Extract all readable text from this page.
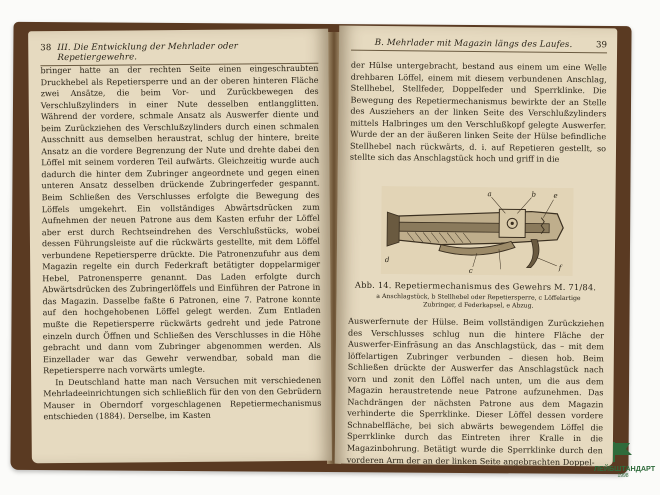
38 III. Die Entwicklung der Mehrlader oder Repetiergewehre.

bringer hatte an der rechten Seite einen eingeschraubten Druckhebel als Repetiersperre und an der oberen hinteren Fläche zwei Ansätze, die beim Vor- und Zurückbewegen des Verschlußzylinders in einer Nute desselben entlangglitten. Während der vordere, schmale Ansatz als Auswerfer diente und beim Zurückziehen des Verschlußzylinders durch einen schmalen Ausschnitt aus demselben heraustrat, schlug der hintere, breite Ansatz an die vordere Begrenzung der Nute und drehte dabei den Löffel mit seinem vorderen Teil aufwärts. Gleichzeitig wurde auch dadurch die hinter dem Zubringer angeordnete und gegen einen unteren Ansatz desselben drückende Zubringerfeder gespannt. Beim Schließen des Verschlusses erfolgte die Bewegung des Löffels umgekehrt. Ein vollständiges Abwärtsdrücken zum Aufnehmen der neuen Patrone aus dem Kasten erfuhr der Löffel aber erst durch Rechtseindrehen des Verschlußstücks, wobei dessen Führungsleiste auf die rückwärts gestellte, mit dem Löffel verbundene Repetiersperre drückte. Die Patronenzufuhr aus dem Magazin regelte ein durch Federkraft betätigter doppelarmiger Hebel, Patronensperre genannt. Das Laden erfolgte durch Abwärtsdrücken des Zubringerlöffels und Einführen der Patrone in das Magazin. Dasselbe faßte 6 Patronen, eine 7. Patrone konnte auf den hochgehobenen Löffel gelegt werden. Zum Entladen mußte die Repetiersperre rückwärts gedreht und jede Patrone einzeln durch Öffnen und Schließen des Verschlusses in die Höhe gebracht und dann vom Zubringer abgenommen werden. Als Einzellader war das Gewehr verwendbar, sobald man die Repetiersperre nach vorwärts umlegte.

In Deutschland hatte man nach Versuchen mit verschiedenen Mehrladeeinrichtungen sich schließlich für den von den Gebrüdern Mauser in Oberndorf vorgeschlagenen Repetiermechanismus entschieden (1884). Derselbe, im Kasten

B. Mehrlader mit Magazin längs des Laufes.	39

der Hülse untergebracht, bestand aus einem um eine Welle drehbaren Löffel, einem mit diesem verbundenen Anschlag, Stellhebel, Stellfeder, Doppelfeder und Sperrklinke. Die Bewegung des Repetiermechanismus bewirkte der an Stelle des Ausziehers an der linken Seite des Verschlußzylinders mittels Halbringes um den Verschlußkopf gelegte Auswerfer. Wurde der an der äußeren linken Seite der Hülse befindliche Stellhebel nach rückwärts, d. i. auf Repetieren gestellt, so stellte sich das Anschlagstück hoch und griff in die

a	b
c
d
e
f
Abb. 14. Repetiermechanismus des Gewehrs M. 71/84.
a Anschlagstück, b Stellhebel oder Repetiersperre, c Löffelartige Zubringer, d Federkapsel, e Abzug.

Auswerfernute der Hülse. Beim vollständigen Zurückziehen des Verschlusses schlug nun die hintere Fläche der Auswerfer-Einfräsung an das Anschlagstück, das – mit dem löffelartigen Zubringer verbunden – diesen hob. Beim Schließen drückte der Auswerfer das Anschlagstück nach vorn und zonit den Löffel nach unten, um die aus dem Magazin heraustretende neue Patrone aufzunehmen. Das Nachdrängen der nächsten Patrone aus dem Magazin verhinderte die Sperrklinke. Dieser Löffel dessen vordere Schnabelfläche, bei sich abwärts bewegendem Löffel die Sperrklinke durch das Eintreten ihrer Kralle in die Magazinbohrung. Betätigt wurde die Sperrklinke durch den vorderen Arm der an der linken Seite angebrachten Doppel-

ЛЕЙБШТАНДАРТ
1998
